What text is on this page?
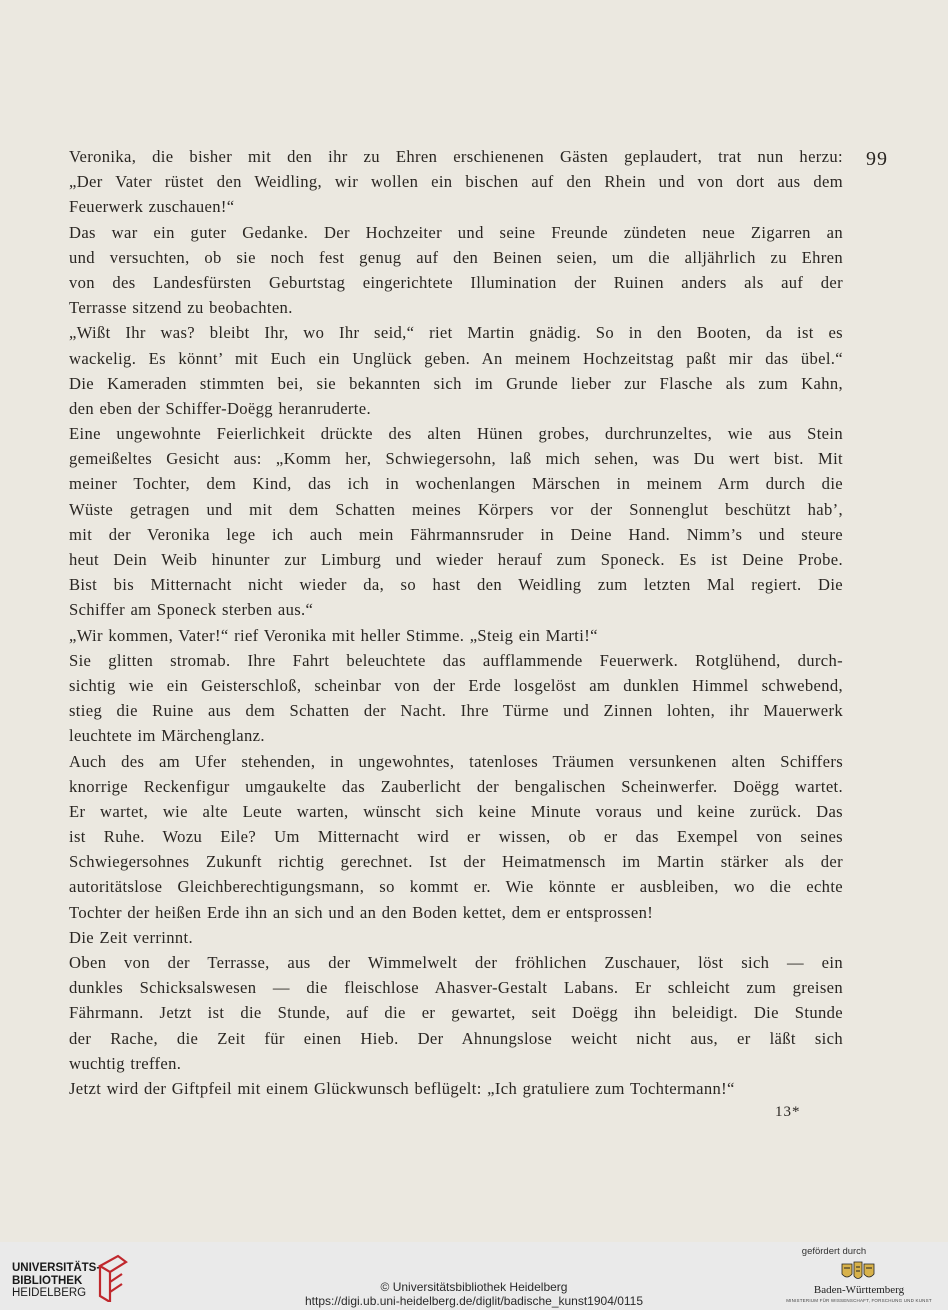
99
Veronika, die bisher mit den ihr zu Ehren erschienenen Gästen geplaudert, trat nun herzu:
„Der Vater rüstet den Weidling, wir wollen ein bischen auf den Rhein und von dort aus dem
Feuerwerk zuschauen!“
Das war ein guter Gedanke. Der Hochzeiter und seine Freunde zündeten neue Zigarren an
und versuchten, ob sie noch fest genug auf den Beinen seien, um die alljährlich zu Ehren
von des Landesfürsten Geburtstag eingerichtete Illumination der Ruinen anders als auf der
Terrasse sitzend zu beobachten.
„Wißt Ihr was? bleibt Ihr, wo Ihr seid,“ riet Martin gnädig. So in den Booten, da ist es
wackelig. Es könnt’ mit Euch ein Unglück geben. An meinem Hochzeitstag paßt mir das übel.“
Die Kameraden stimmten bei, sie bekannten sich im Grunde lieber zur Flasche als zum Kahn,
den eben der Schiffer-Doëgg heranruderte.
Eine ungewohnte Feierlichkeit drückte des alten Hünen grobes, durchrunzeltes, wie aus Stein
gemeißeltes Gesicht aus: „Komm her, Schwiegersohn, laß mich sehen, was Du wert bist. Mit
meiner Tochter, dem Kind, das ich in wochenlangen Märschen in meinem Arm durch die
Wüste getragen und mit dem Schatten meines Körpers vor der Sonnenglut beschützt hab’,
mit der Veronika lege ich auch mein Fährmannsruder in Deine Hand. Nimm’s und steure
heut Dein Weib hinunter zur Limburg und wieder herauf zum Sponeck. Es ist Deine Probe.
Bist bis Mitternacht nicht wieder da, so hast den Weidling zum letzten Mal regiert. Die
Schiffer am Sponeck sterben aus.“
„Wir kommen, Vater!“ rief Veronika mit heller Stimme. „Steig ein Marti!“
Sie glitten stromab. Ihre Fahrt beleuchtete das aufflammende Feuerwerk. Rotglühend, durch-
sichtig wie ein Geisterschloß, scheinbar von der Erde losgelöst am dunklen Himmel schwebend,
stieg die Ruine aus dem Schatten der Nacht. Ihre Türme und Zinnen lohten, ihr Mauerwerk
leuchtete im Märchenglanz.
Auch des am Ufer stehenden, in ungewohntes, tatenloses Träumen versunkenen alten Schiffers
knorrige Reckenfigur umgaukelte das Zauberlicht der bengalischen Scheinwerfer. Doëgg wartet.
Er wartet, wie alte Leute warten, wünscht sich keine Minute voraus und keine zurück. Das
ist Ruhe. Wozu Eile? Um Mitternacht wird er wissen, ob er das Exempel von seines
Schwiegersohnes Zukunft richtig gerechnet. Ist der Heimatmensch im Martin stärker als der
autoritätslose Gleichberechtigungsmann, so kommt er. Wie könnte er ausbleiben, wo die echte
Tochter der heißen Erde ihn an sich und an den Boden kettet, dem er entsprossen!
Die Zeit verrinnt.
Oben von der Terrasse, aus der Wimmelwelt der fröhlichen Zuschauer, löst sich — ein
dunkles Schicksalswesen — die fleischlose Ahasver-Gestalt Labans. Er schleicht zum greisen
Fährmann. Jetzt ist die Stunde, auf die er gewartet, seit Doëgg ihn beleidigt. Die Stunde
der Rache, die Zeit für einen Hieb. Der Ahnungslose weicht nicht aus, er läßt sich
wuchtig treffen.
Jetzt wird der Giftpfeil mit einem Glückwunsch beflügelt: „Ich gratuliere zum Tochtermann!“
13*
UNIVERSITÄTS-
BIBLIOTHEK
HEIDELBERG	© Universitätsbibliothek Heidelberg
https://digi.ub.uni-heidelberg.de/diglit/badische_kunst1904/0115
gefördert durch
Baden-Württemberg
MINISTERIUM FÜR WISSENSCHAFT, FORSCHUNG UND KUNST
